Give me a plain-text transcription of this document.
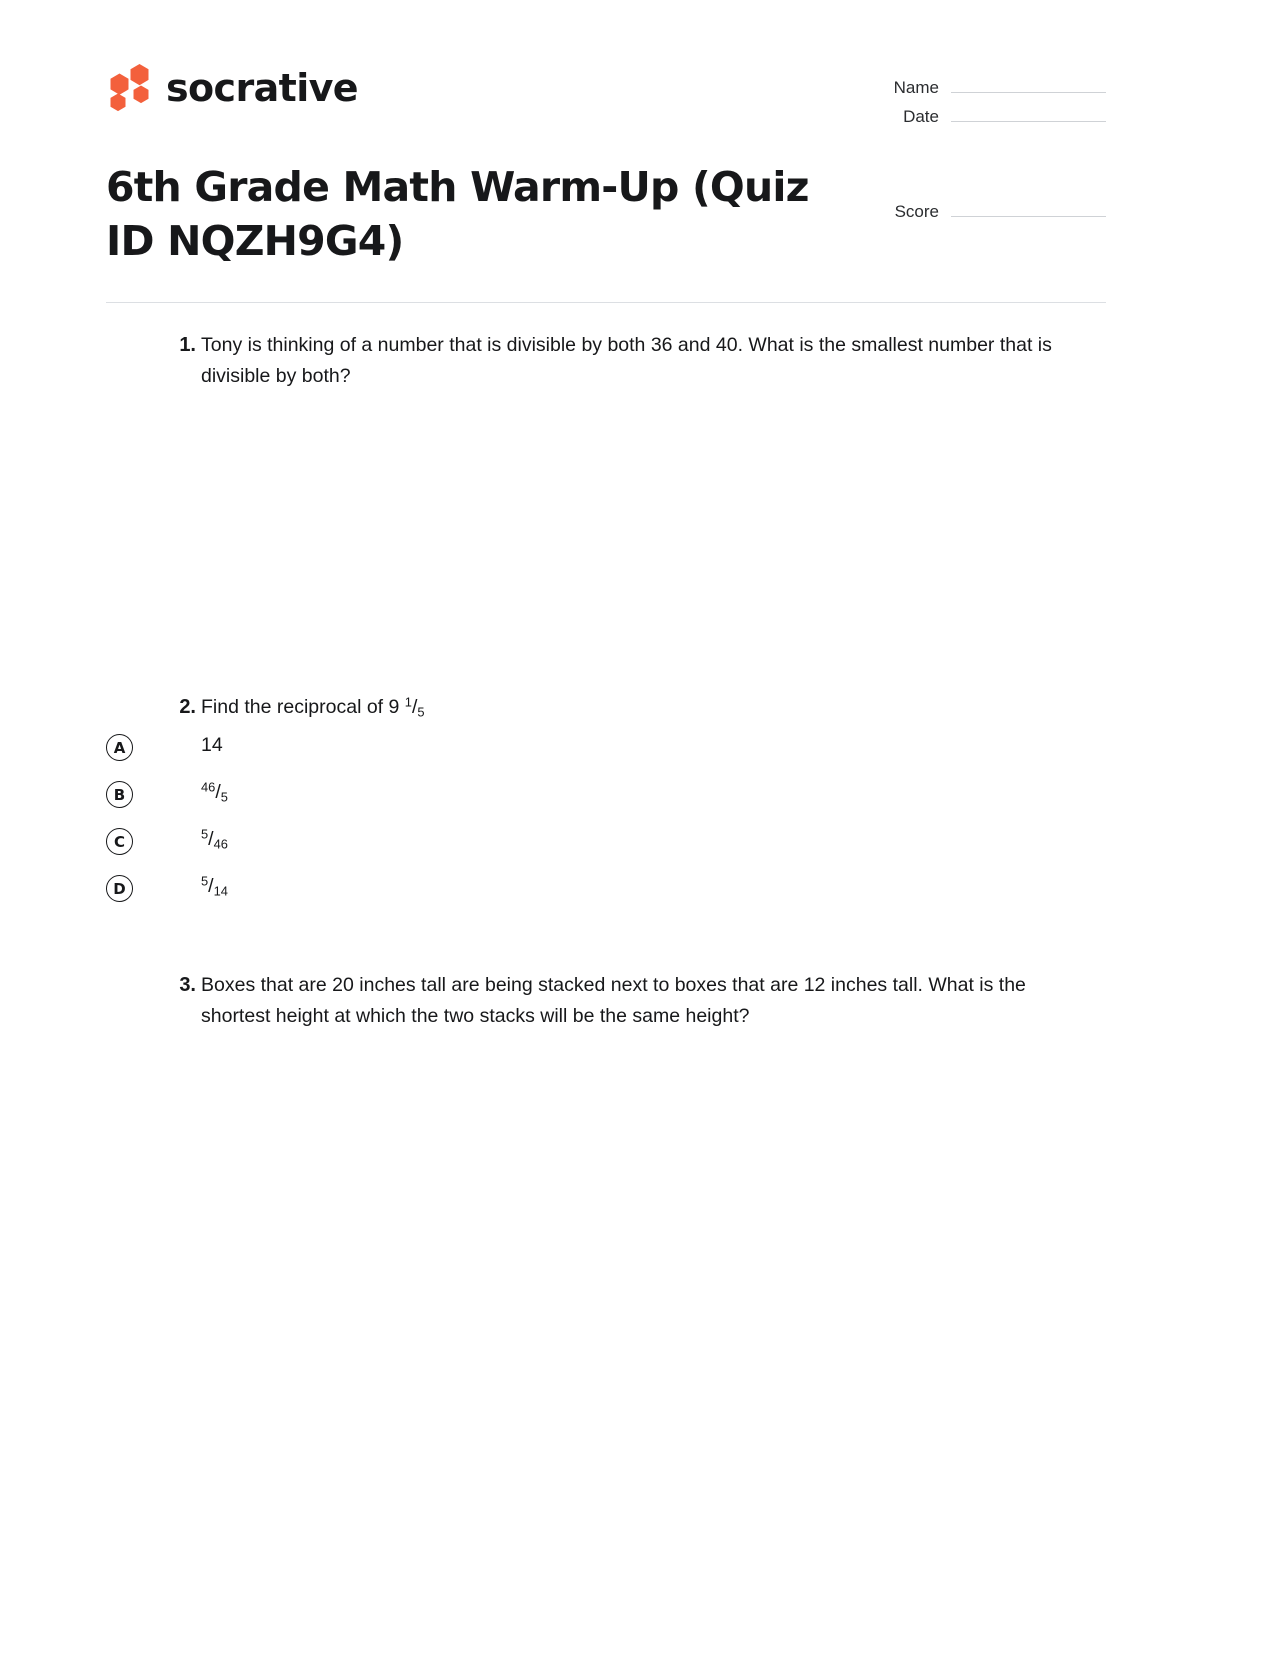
socrative	Name
Date
Score
6th Grade Math Warm-Up (Quiz ID NQZH9G4)
1. Tony is thinking of a number that is divisible by both 36 and 40. What is the smallest number that is divisible by both?
2. Find the reciprocal of 9 $^1/_5$
A	14
B	$^{46}/_5$
C	$^5/_{46}$
D	$^5/_{14}$
3. Boxes that are 20 inches tall are being stacked next to boxes that are 12 inches tall. What is the shortest height at which the two stacks will be the same height?
